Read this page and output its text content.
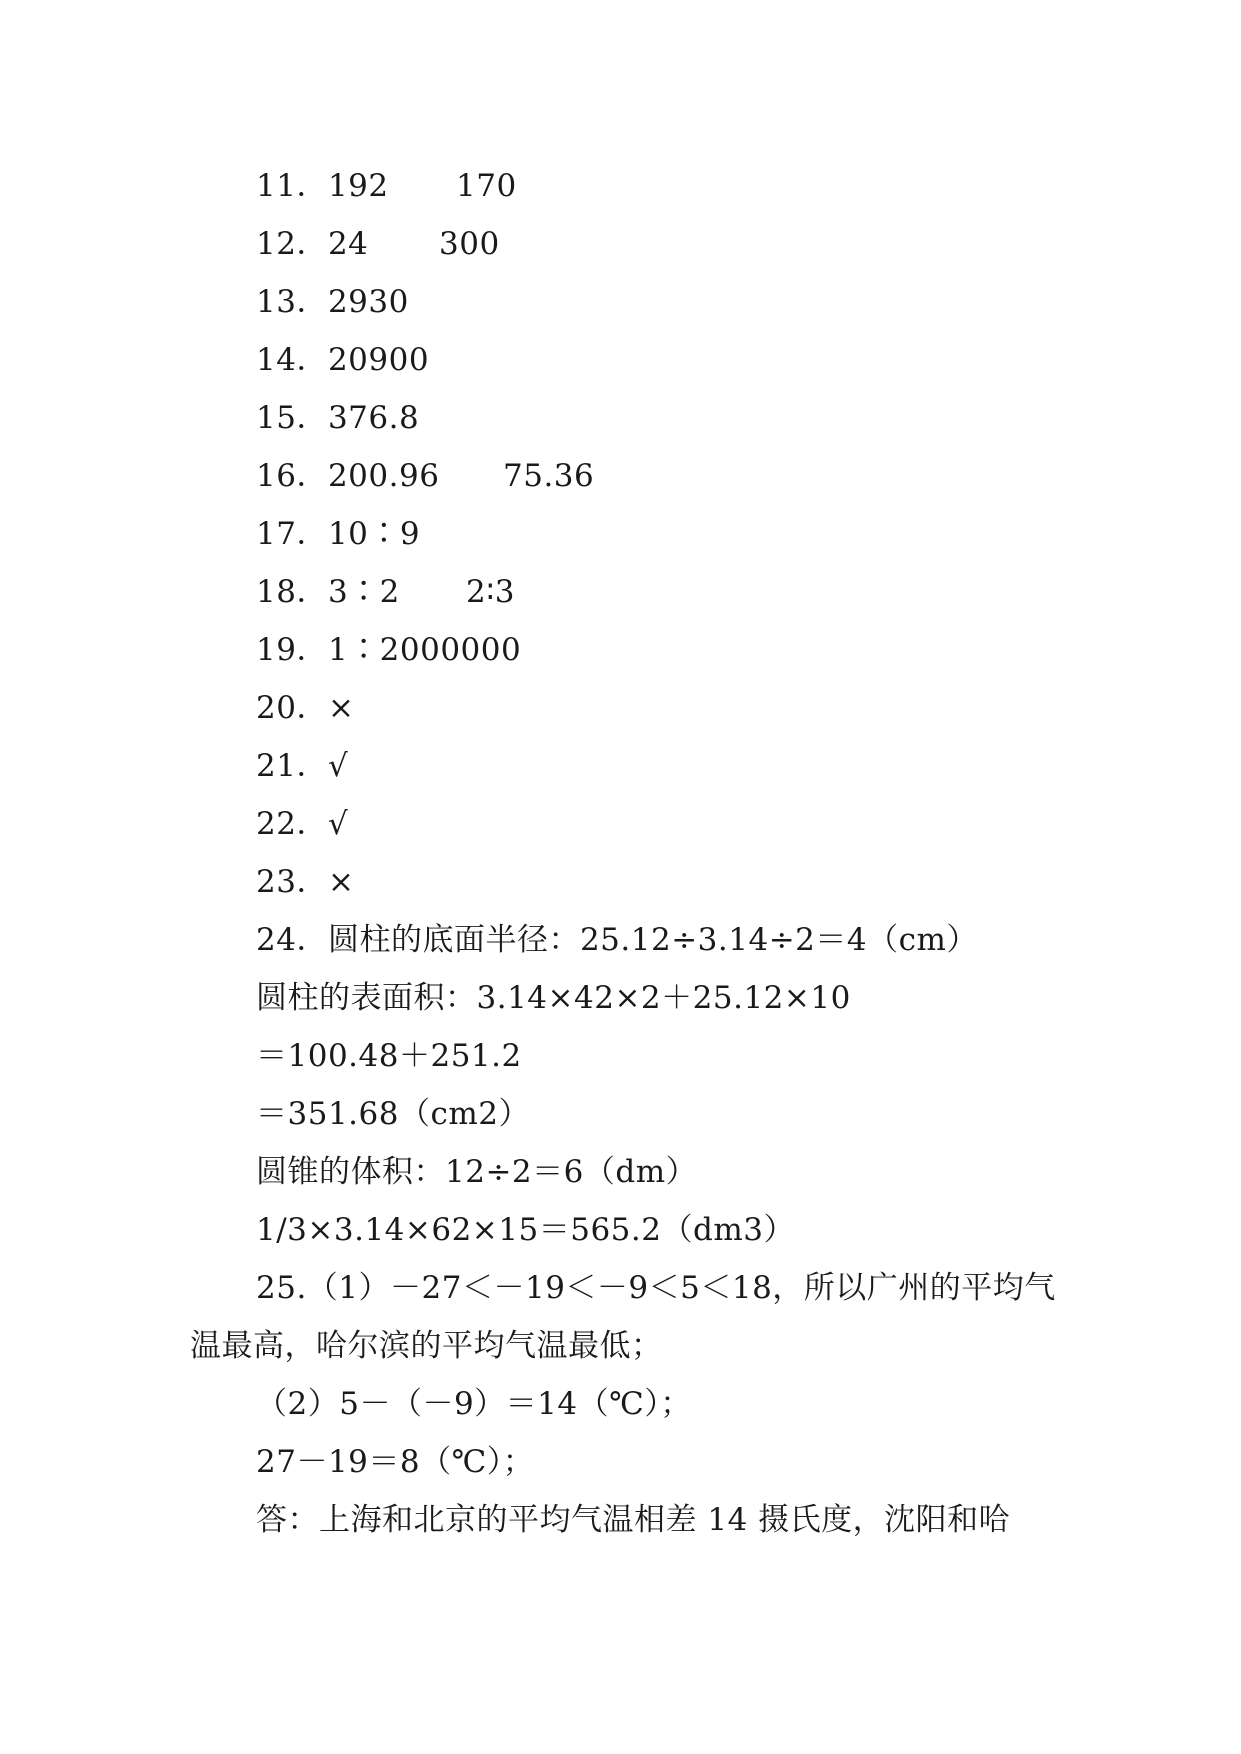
11．192 170
12．24 300
13．2930
14．20900
15．376.8
16．200.96 75.36
17．10∶9
18．3∶2 2∶3
19．1∶2000000
20．×
21．√
22．√
23．×
24．圆柱的底面半径：25.12÷3.14÷2＝4（cm）
圆柱的表面积：3.14×42×2＋25.12×10
＝100.48＋251.2
＝351.68（cm2）
圆锥的体积：12÷2＝6（dm）
1/3×3.14×62×15＝565.2（dm3）
25.（1）－27＜－19＜－9＜5＜18，所以广州的平均气
温最高，哈尔滨的平均气温最低；
（2）5－（－9）＝14（℃）；
27－19＝8（℃）；
答：上海和北京的平均气温相差 14 摄氏度，沈阳和哈
